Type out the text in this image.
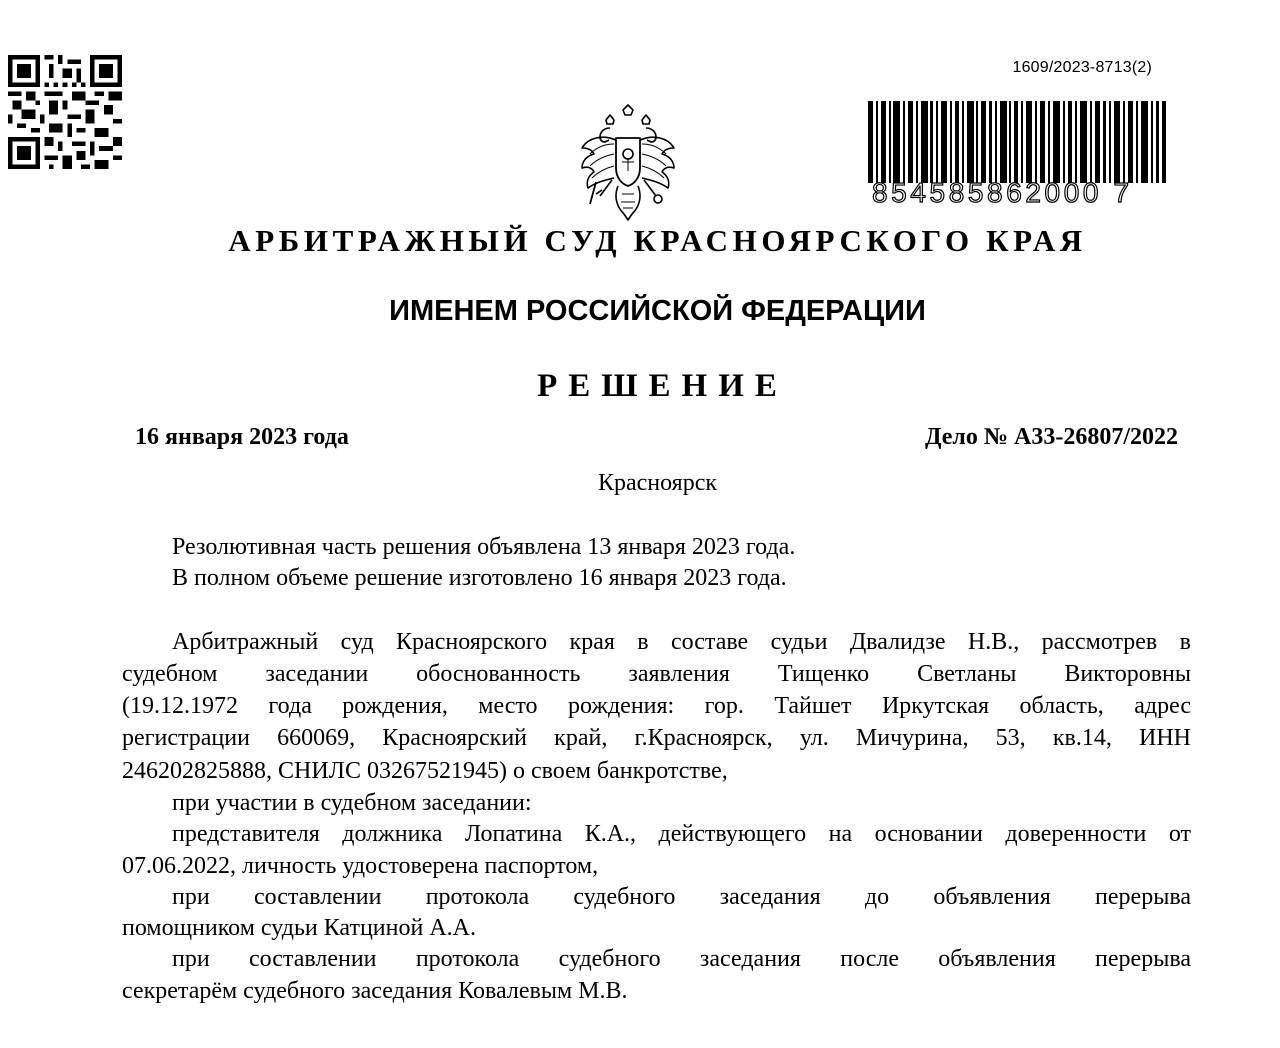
1609/2023-8713(2)
854585862000 7
АРБИТРАЖНЫЙ СУД КРАСНОЯРСКОГО КРАЯ
ИМЕНЕМ РОССИЙСКОЙ ФЕДЕРАЦИИ
РЕШЕНИЕ
16 января 2023 года	Дело № А33-26807/2022
Красноярск
Резолютивная часть решения объявлена 13 января 2023 года.
В полном объеме решение изготовлено 16 января 2023 года.
Арбитражный суд Красноярского края в составе судьи Двалидзе Н.В., рассмотрев в
судебном заседании обоснованность заявления Тищенко Светланы Викторовны
(19.12.1972 года рождения, место рождения: гор. Тайшет Иркутская область, адрес
регистрации 660069, Красноярский край, г.Красноярск, ул. Мичурина, 53, кв.14, ИНН
246202825888, СНИЛС 03267521945) о своем банкротстве,
при участии в судебном заседании:
представителя должника Лопатина К.А., действующего на основании доверенности от
07.06.2022, личность удостоверена паспортом,
при составлении протокола судебного заседания до объявления перерыва
помощником судьи Катциной А.А.
при составлении протокола судебного заседания после объявления перерыва
секретарём судебного заседания Ковалевым М.В.
